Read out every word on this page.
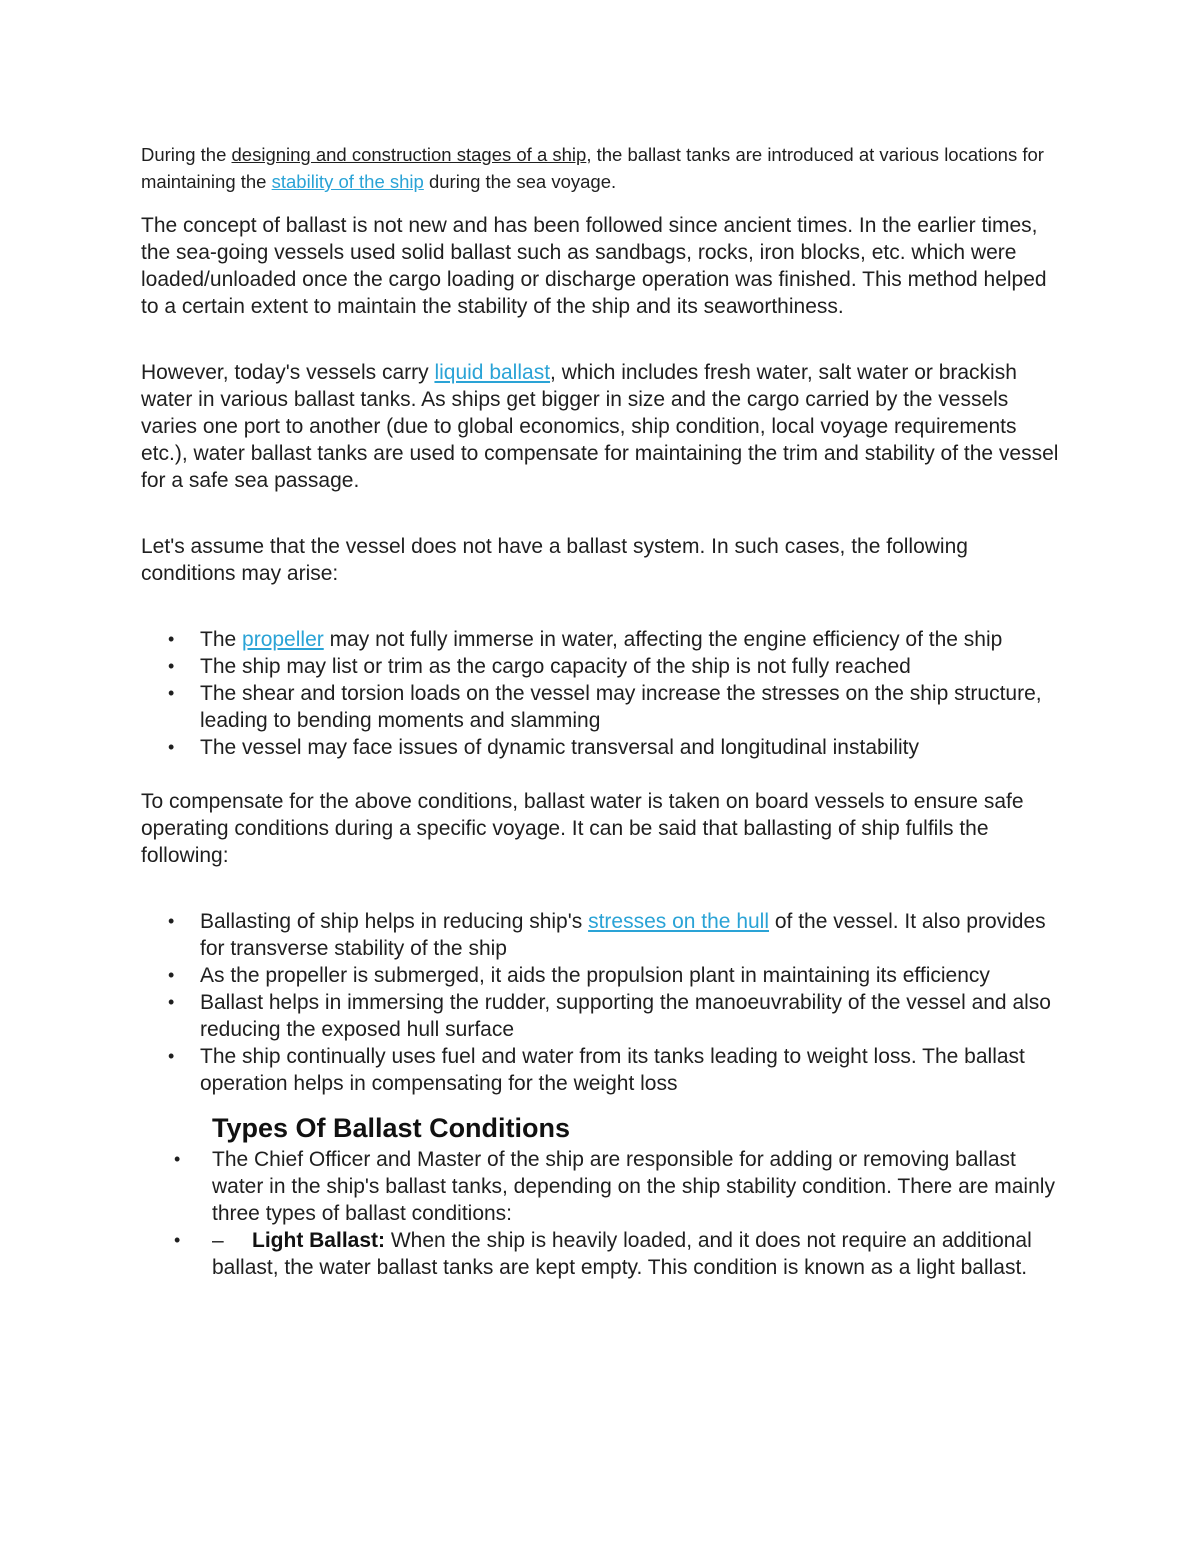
During the designing and construction stages of a ship, the ballast tanks are introduced at various locations for maintaining the stability of the ship during the sea voyage.

The concept of ballast is not new and has been followed since ancient times. In the earlier times, the sea-going vessels used solid ballast such as sandbags, rocks, iron blocks, etc. which were loaded/unloaded once the cargo loading or discharge operation was finished. This method helped to a certain extent to maintain the stability of the ship and its seaworthiness.

However, today's vessels carry liquid ballast, which includes fresh water, salt water or brackish water in various ballast tanks. As ships get bigger in size and the cargo carried by the vessels varies one port to another (due to global economics, ship condition, local voyage requirements etc.), water ballast tanks are used to compensate for maintaining the trim and stability of the vessel for a safe sea passage.

Let's assume that the vessel does not have a ballast system. In such cases, the following conditions may arise:

• The propeller may not fully immerse in water, affecting the engine efficiency of the ship
• The ship may list or trim as the cargo capacity of the ship is not fully reached
• The shear and torsion loads on the vessel may increase the stresses on the ship structure, leading to bending moments and slamming
• The vessel may face issues of dynamic transversal and longitudinal instability

To compensate for the above conditions, ballast water is taken on board vessels to ensure safe operating conditions during a specific voyage. It can be said that ballasting of ship fulfils the following:

• Ballasting of ship helps in reducing ship's stresses on the hull of the vessel. It also provides for transverse stability of the ship
• As the propeller is submerged, it aids the propulsion plant in maintaining its efficiency
• Ballast helps in immersing the rudder, supporting the manoeuvrability of the vessel and also reducing the exposed hull surface
• The ship continually uses fuel and water from its tanks leading to weight loss. The ballast operation helps in compensating for the weight loss
Types Of Ballast Conditions
• The Chief Officer and Master of the ship are responsible for adding or removing ballast water in the ship's ballast tanks, depending on the ship stability condition. There are mainly three types of ballast conditions:
• – Light Ballast: When the ship is heavily loaded, and it does not require an additional ballast, the water ballast tanks are kept empty. This condition is known as a light ballast.
